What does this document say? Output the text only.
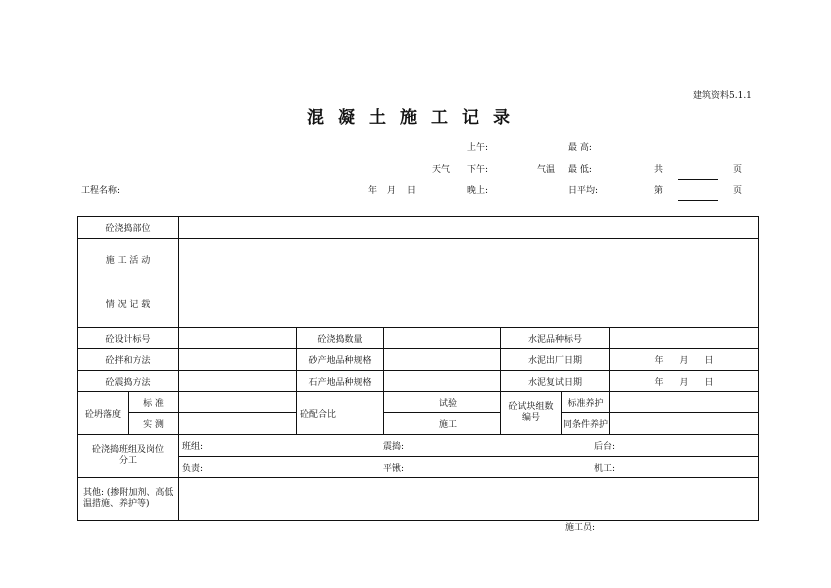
建筑资料5.1.1
混凝土施工记录
上午:	最 高:
天气 下午:	气温 最 低:	共	页
工程名称:	年 月 日	晚上:	日平均:	第	页
砼浇捣部位							

施 工 活 动
情 况 记 载							

砼设计标号			砼浇捣数量		水泥品种标号		
砼拌和方法			砂产地品种规格		水泥出厂日期		年 月 日
砼震捣方法			石产地品种规格		水泥复试日期		年 月 日
砼坍落度	标 准		砼配合比	试验	砼试块组数编号	标准养护	
	实 测			施工		同条件养护	
砼浇捣班组及岗位分工		班组: 震捣: 后台:					

		负责: 平锹: 机工:					

其他: (掺附加剂、高低温措施、养护等)							
施工员:
